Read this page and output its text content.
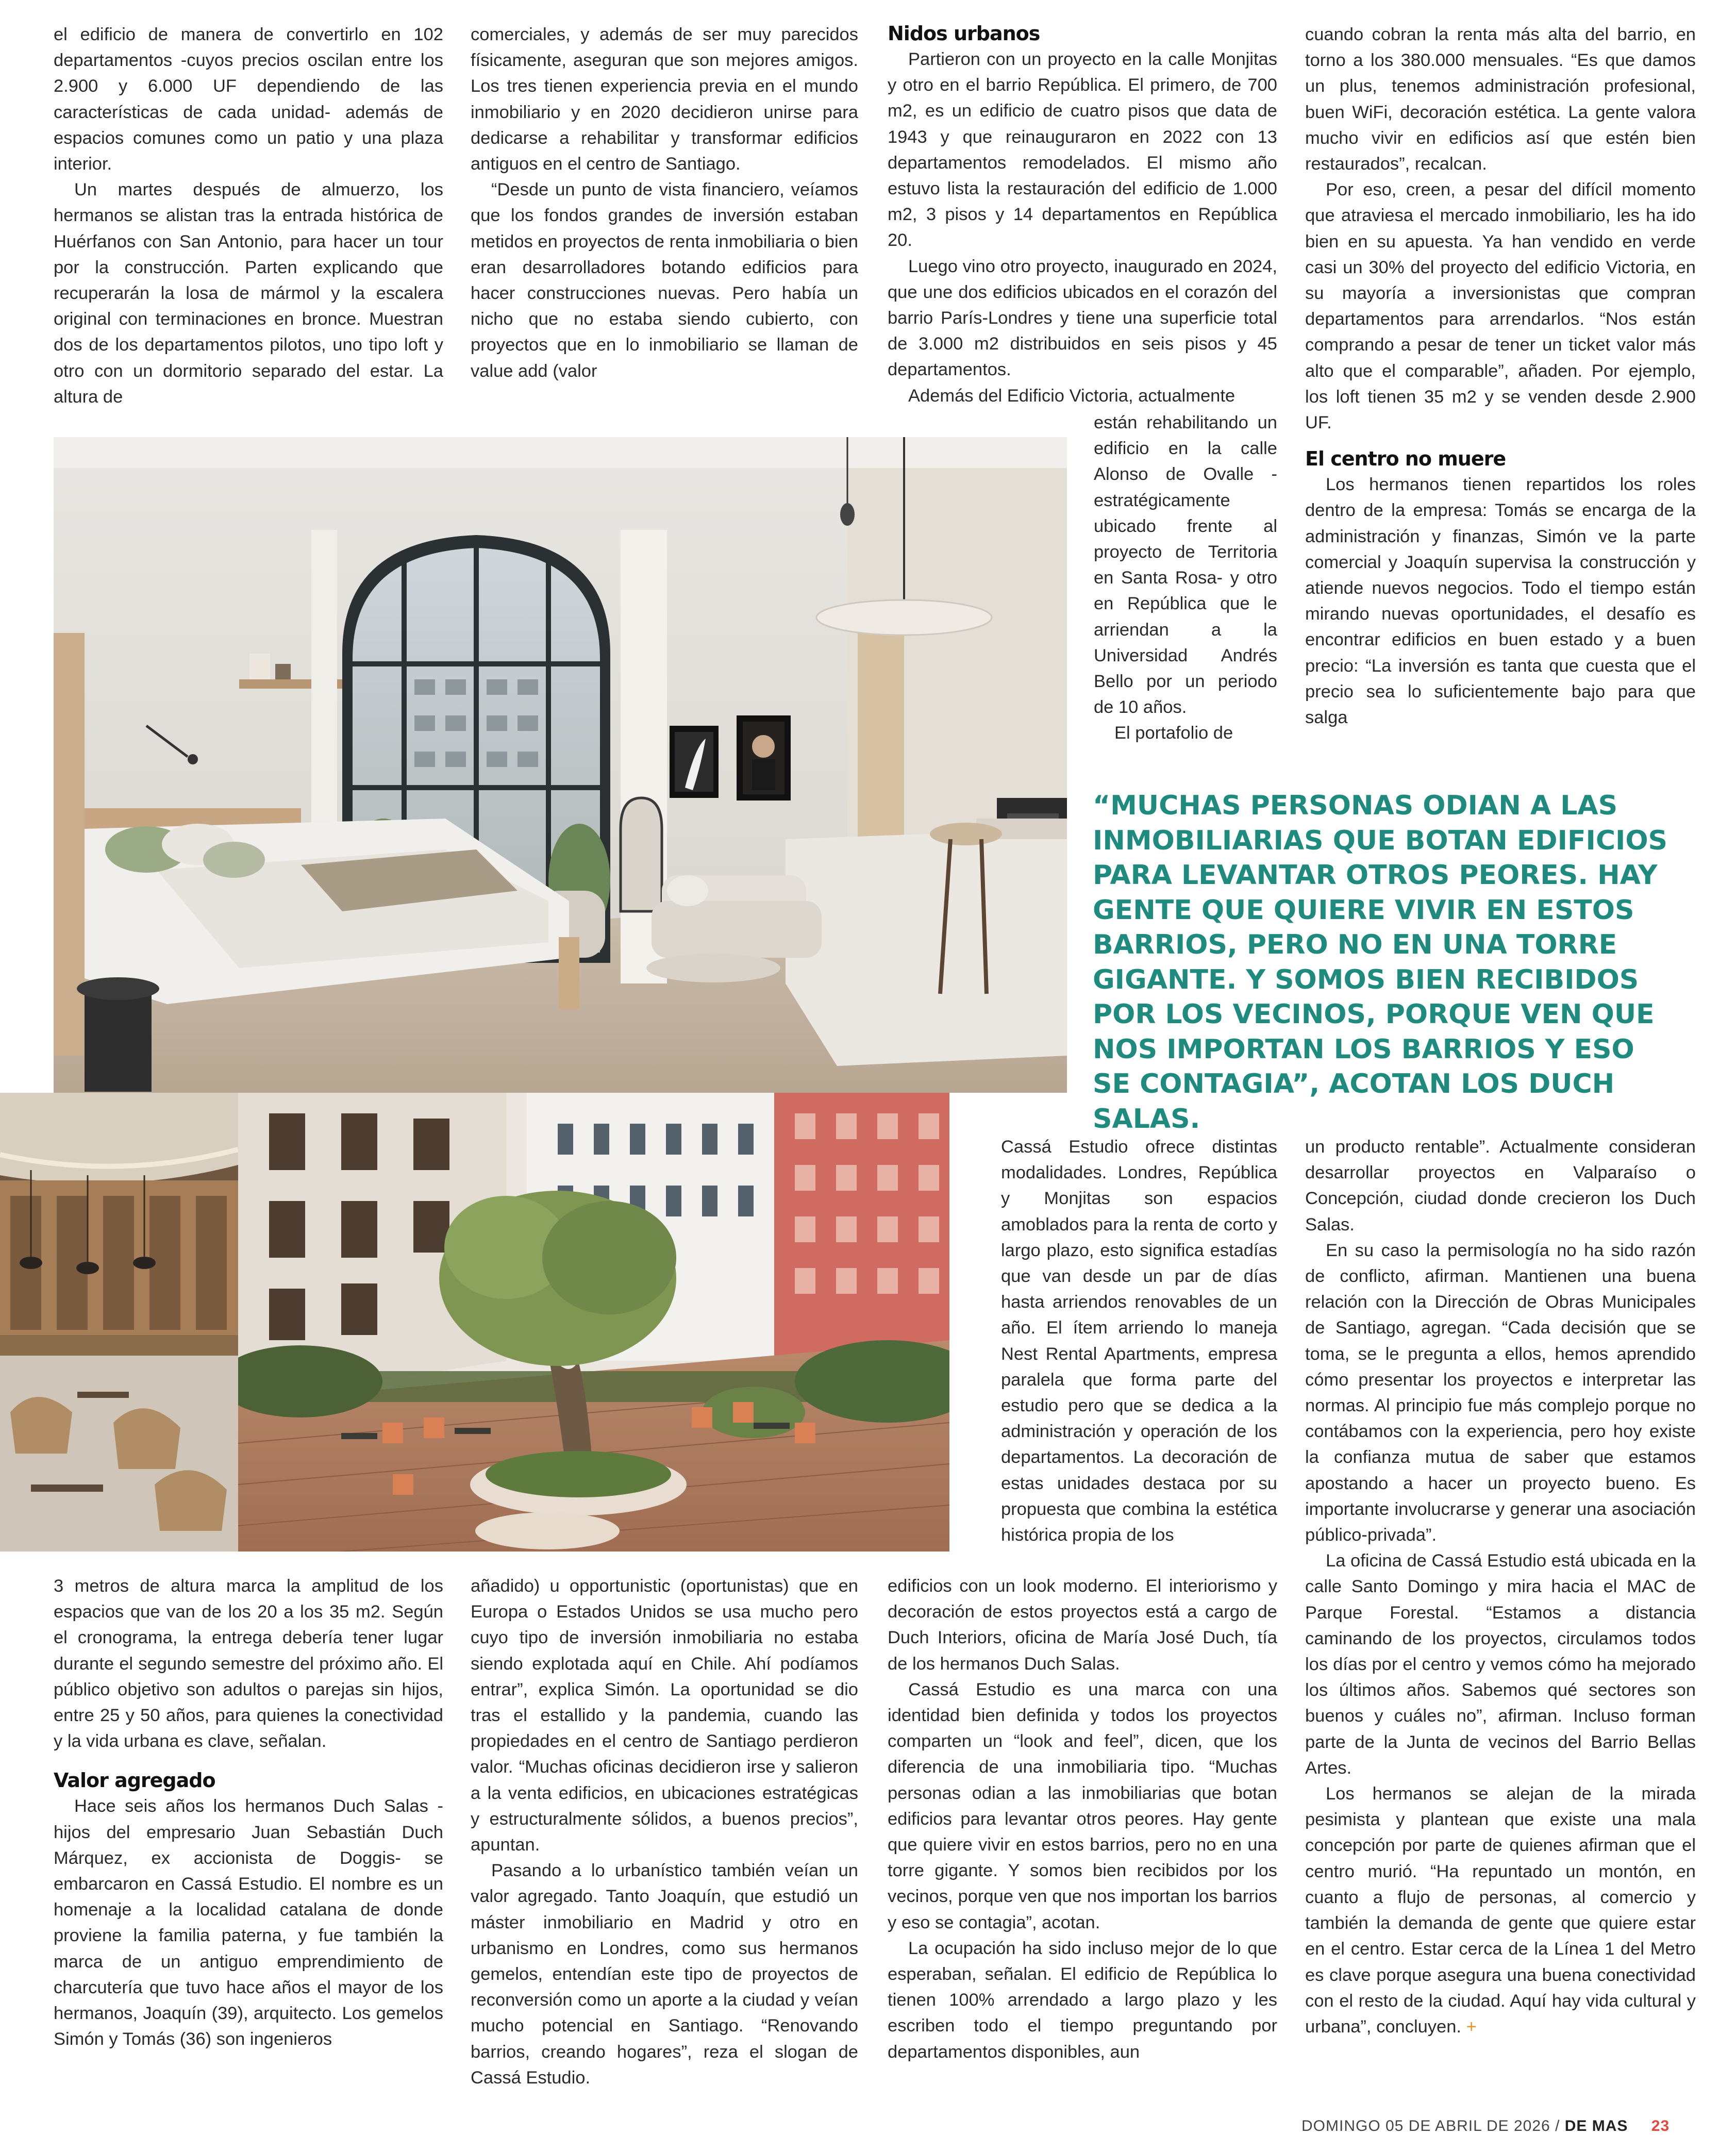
el edificio de manera de convertirlo en 102 departamentos -cuyos precios oscilan entre los 2.900 y 6.000 UF dependiendo de las características de cada unidad- además de espacios comunes como un patio y una plaza interior.

Un martes después de almuerzo, los hermanos se alistan tras la entrada histórica de Huérfanos con San Antonio, para hacer un tour por la construcción. Parten explicando que recuperarán la losa de mármol y la escalera original con terminaciones en bronce. Muestran dos de los departamentos pilotos, uno tipo loft y otro con un dormitorio separado del estar. La altura de

comerciales, y además de ser muy parecidos físicamente, aseguran que son mejores amigos. Los tres tienen experiencia previa en el mundo inmobiliario y en 2020 decidieron unirse para dedicarse a rehabilitar y transformar edificios antiguos en el centro de Santiago.

“Desde un punto de vista financiero, veíamos que los fondos grandes de inversión estaban metidos en proyectos de renta inmobiliaria o bien eran desarrolladores botando edificios para hacer construcciones nuevas. Pero había un nicho que no estaba siendo cubierto, con proyectos que en lo inmobiliario se llaman de value add (valor

Nidos urbanos

Partieron con un proyecto en la calle Monjitas y otro en el barrio República. El primero, de 700 m2, es un edificio de cuatro pisos que data de 1943 y que reinauguraron en 2022 con 13 departamentos remodelados. El mismo año estuvo lista la restauración del edificio de 1.000 m2, 3 pisos y 14 departamentos en República 20.

Luego vino otro proyecto, inaugurado en 2024, que une dos edificios ubicados en el corazón del barrio París-Londres y tiene una superficie total de 3.000 m2 distribuidos en seis pisos y 45 departamentos.

Además del Edificio Victoria, actualmente

están rehabilitando un edificio en la calle Alonso de Ovalle -estratégicamente ubicado frente al proyecto de Territoria en Santa Rosa- y otro en República que le arriendan a la Universidad Andrés Bello por un periodo de 10 años.

El portafolio de

cuando cobran la renta más alta del barrio, en torno a los 380.000 mensuales. “Es que damos un plus, tenemos administración profesional, buen WiFi, decoración estética. La gente valora mucho vivir en edificios así que estén bien restaurados”, recalcan.

Por eso, creen, a pesar del difícil momento que atraviesa el mercado inmobiliario, les ha ido bien en su apuesta. Ya han vendido en verde casi un 30% del proyecto del edificio Victoria, en su mayoría a inversionistas que compran departamentos para arrendarlos. “Nos están comprando a pesar de tener un ticket valor más alto que el comparable”, añaden. Por ejemplo, los loft tienen 35 m2 y se venden desde 2.900 UF.

El centro no muere

Los hermanos tienen repartidos los roles dentro de la empresa: Tomás se encarga de la administración y finanzas, Simón ve la parte comercial y Joaquín supervisa la construcción y atiende nuevos negocios. Todo el tiempo están mirando nuevas oportunidades, el desafío es encontrar edificios en buen estado y a buen precio: “La inversión es tanta que cuesta que el precio sea lo suficientemente bajo para que salga

“MUCHAS PERSONAS ODIAN A LAS INMOBILIARIAS QUE BOTAN EDIFICIOS PARA LEVANTAR OTROS PEORES. HAY GENTE QUE QUIERE VIVIR EN ESTOS BARRIOS, PERO NO EN UNA TORRE GIGANTE. Y SOMOS BIEN RECIBIDOS POR LOS VECINOS, PORQUE VEN QUE NOS IMPORTAN LOS BARRIOS Y ESO SE CONTAGIA”, ACOTAN LOS DUCH SALAS.

Cassá Estudio ofrece distintas modalidades. Londres, República y Monjitas son espacios amoblados para la renta de corto y largo plazo, esto significa estadías que van desde un par de días hasta arriendos renovables de un año. El ítem arriendo lo maneja Nest Rental Apartments, empresa paralela que forma parte del estudio pero que se dedica a la administración y operación de los departamentos. La decoración de estas unidades destaca por su propuesta que combina la estética histórica propia de los

un producto rentable”. Actualmente consideran desarrollar proyectos en Valparaíso o Concepción, ciudad donde crecieron los Duch Salas.

En su caso la permisología no ha sido razón de conflicto, afirman. Mantienen una buena relación con la Dirección de Obras Municipales de Santiago, agregan. “Cada decisión que se toma, se le pregunta a ellos, hemos aprendido cómo presentar los proyectos e interpretar las normas. Al principio fue más complejo porque no contábamos con la experiencia, pero hoy existe la confianza mutua de saber que estamos apostando a hacer un proyecto bueno. Es importante involucrarse y generar una asociación público-privada”.

La oficina de Cassá Estudio está ubicada en la calle Santo Domingo y mira hacia el MAC de Parque Forestal. “Estamos a distancia caminando de los proyectos, circulamos todos los días por el centro y vemos cómo ha mejorado los últimos años. Sabemos qué sectores son buenos y cuáles no”, afirman. Incluso forman parte de la Junta de vecinos del Barrio Bellas Artes.

Los hermanos se alejan de la mirada pesimista y plantean que existe una mala concepción por parte de quienes afirman que el centro murió. “Ha repuntado un montón, en cuanto a flujo de personas, al comercio y también la demanda de gente que quiere estar en el centro. Estar cerca de la Línea 1 del Metro es clave porque asegura una buena conectividad con el resto de la ciudad. Aquí hay vida cultural y urbana”, concluyen. +

3 metros de altura marca la amplitud de los espacios que van de los 20 a los 35 m2. Según el cronograma, la entrega debería tener lugar durante el segundo semestre del próximo año. El público objetivo son adultos o parejas sin hijos, entre 25 y 50 años, para quienes la conectividad y la vida urbana es clave, señalan.

Valor agregado

Hace seis años los hermanos Duch Salas -hijos del empresario Juan Sebastián Duch Márquez, ex accionista de Doggis- se embarcaron en Cassá Estudio. El nombre es un homenaje a la localidad catalana de donde proviene la familia paterna, y fue también la marca de un antiguo emprendimiento de charcutería que tuvo hace años el mayor de los hermanos, Joaquín (39), arquitecto. Los gemelos Simón y Tomás (36) son ingenieros

añadido) u opportunistic (oportunistas) que en Europa o Estados Unidos se usa mucho pero cuyo tipo de inversión inmobiliaria no estaba siendo explotada aquí en Chile. Ahí podíamos entrar”, explica Simón. La oportunidad se dio tras el estallido y la pandemia, cuando las propiedades en el centro de Santiago perdieron valor. “Muchas oficinas decidieron irse y salieron a la venta edificios, en ubicaciones estratégicas y estructuralmente sólidos, a buenos precios”, apuntan.

Pasando a lo urbanístico también veían un valor agregado. Tanto Joaquín, que estudió un máster inmobiliario en Madrid y otro en urbanismo en Londres, como sus hermanos gemelos, entendían este tipo de proyectos de reconversión como un aporte a la ciudad y veían mucho potencial en Santiago. “Renovando barrios, creando hogares”, reza el slogan de Cassá Estudio.

edificios con un look moderno. El interiorismo y decoración de estos proyectos está a cargo de Duch Interiors, oficina de María José Duch, tía de los hermanos Duch Salas.

Cassá Estudio es una marca con una identidad bien definida y todos los proyectos comparten un “look and feel”, dicen, que los diferencia de una inmobiliaria tipo. “Muchas personas odian a las inmobiliarias que botan edificios para levantar otros peores. Hay gente que quiere vivir en estos barrios, pero no en una torre gigante. Y somos bien recibidos por los vecinos, porque ven que nos importan los barrios y eso se contagia”, acotan.

La ocupación ha sido incluso mejor de lo que esperaban, señalan. El edificio de República lo tienen 100% arrendado a largo plazo y les escriben todo el tiempo preguntando por departamentos disponibles, aun

DOMINGO 05 DE ABRIL DE 2026 / DE MAS 23
